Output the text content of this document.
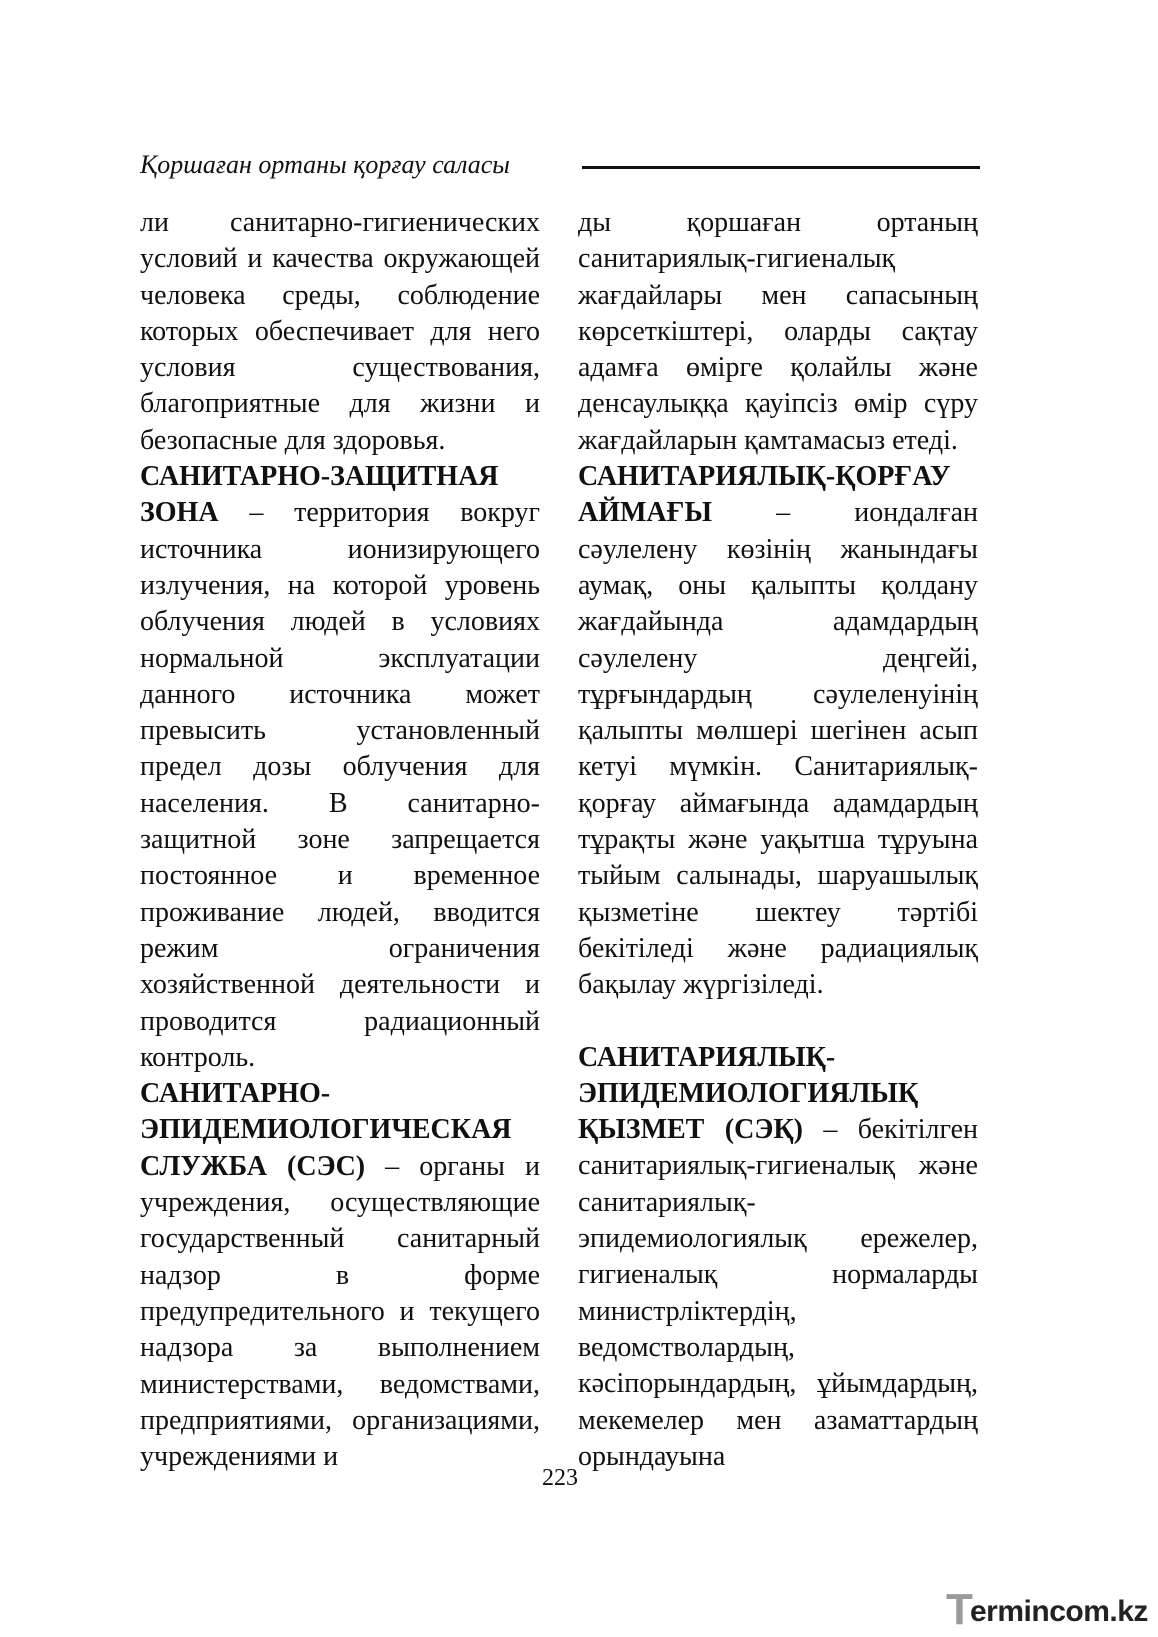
Қоршаған ортаны қорғау саласы

ли санитарно-гигиенических условий и качества окружающей человека среды, соблюдение которых обеспечивает для него условия существования, благоприятные для жизни и безопасные для здоровья.

САНИТАРНО-ЗАЩИТНАЯ ЗОНА – территория вокруг источника ионизирующего излучения, на которой уровень облучения людей в условиях нормальной эксплуатации данного источника может превысить установленный предел дозы облучения для населения. В санитарно-защитной зоне запрещается постоянное и временное проживание людей, вводится режим ограничения хозяйственной деятельности и проводится радиационный контроль.

САНИТАРНО-ЭПИДЕМИОЛОГИЧЕСКАЯ СЛУЖБА (СЭС) – органы и учреждения, осуществляющие государственный санитарный надзор в форме предупредительного и текущего надзора за выполнением министерствами, ведомствами, предприятиями, организациями, учреждениями и

ды қоршаған ортаның санитариялық-гигиеналық жағдайлары мен сапасының көрсеткіштері, оларды сақтау адамға өмірге қолайлы және денсаулыққа қауіпсіз өмір сүру жағдайларын қамтамасыз етеді.

САНИТАРИЯЛЫҚ-ҚОРҒАУ АЙМАҒЫ – иондалған сәулелену көзінің жанындағы аумақ, оны қалыпты қолдану жағдайында адамдардың сәулелену деңгейі, тұрғындардың сәулеленуінің қалыпты мөлшері шегінен асып кетуі мүмкін. Санитариялық-қорғау аймағында адамдардың тұрақты және уақытша тұруына тыйым салынады, шаруашылық қызметіне шектеу тәртібі бекітіледі және радиациялық бақылау жүргізіледі.

САНИТАРИЯЛЫҚ-ЭПИДЕМИОЛОГИЯЛЫҚ ҚЫЗМЕТ (СЭҚ) – бекітілген санитариялық-гигиеналық және санитариялық-эпидемиологиялық ережелер, гигиеналық нормаларды министрліктердің, ведомстволардың, кәсіпорындардың, ұйымдардың, мекемелер мен азаматтардың орындауына

223
T
ermincom.kz
